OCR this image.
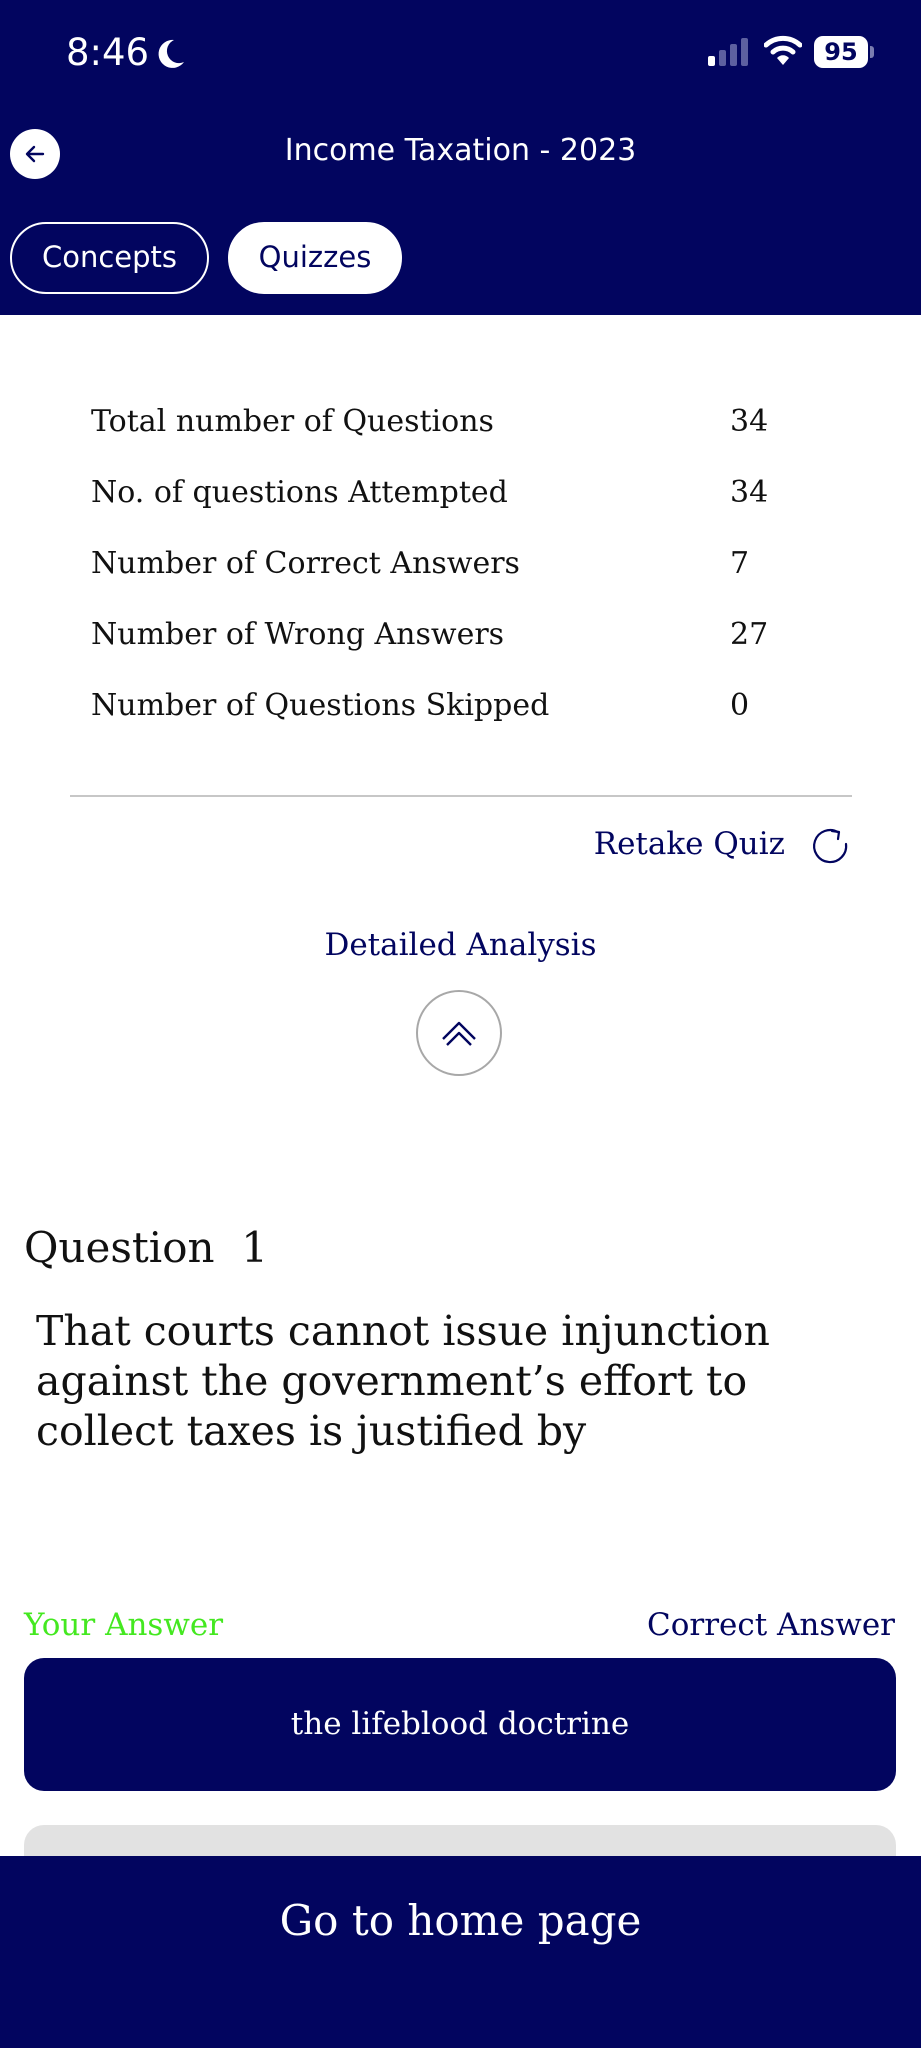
8:46	95
Income Taxation - 2023
Concepts	Quizzes
Total number of Questions	34
No. of questions Attempted	34
Number of Correct Answers	7
Number of Wrong Answers	27
Number of Questions Skipped	0
Retake Quiz
Detailed Analysis
Question  1
That courts cannot issue injunction against the government’s effort to collect taxes is justified by
Your Answer	Correct Answer
the lifeblood doctrine
Go to home page
